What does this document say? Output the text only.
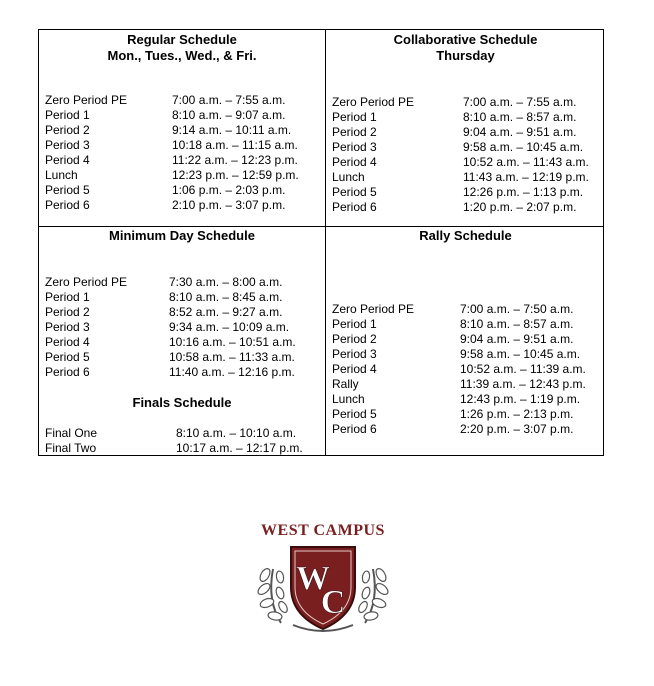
Regular Schedule
Mon., Tues., Wed., & Fri.
Zero Period PE	7:00 a.m. – 7:55 a.m.
Period 1	8:10 a.m. – 9:07 a.m.
Period 2	9:14 a.m. – 10:11 a.m.
Period 3	10:18 a.m. – 11:15 a.m.
Period 4	11:22 a.m. – 12:23 p.m.
Lunch	12:23 p.m. – 12:59 p.m.
Period 5	1:06 p.m. – 2:03 p.m.
Period 6	2:10 p.m. – 3:07 p.m.
Collaborative Schedule
Thursday
Zero Period PE	7:00 a.m. – 7:55 a.m.
Period 1	8:10 a.m. – 8:57 a.m.
Period 2	9:04 a.m. – 9:51 a.m.
Period 3	9:58 a.m. – 10:45 a.m.
Period 4	10:52 a.m. – 11:43 a.m.
Lunch	11:43 a.m. – 12:19 p.m.
Period 5	12:26 p.m. – 1:13 p.m.
Period 6	1:20 p.m. – 2:07 p.m.
Minimum Day Schedule
Zero Period PE	7:30 a.m. – 8:00 a.m.
Period 1	8:10 a.m. – 8:45 a.m.
Period 2	8:52 a.m. – 9:27 a.m.
Period 3	9:34 a.m. – 10:09 a.m.
Period 4	10:16 a.m. – 10:51 a.m.
Period 5	10:58 a.m. – 11:33 a.m.
Period 6	11:40 a.m. – 12:16 p.m.
Finals Schedule
Final One	8:10 a.m. – 10:10 a.m.
Final Two	10:17 a.m. – 12:17 p.m.
Rally Schedule
Zero Period PE	7:00 a.m. – 7:50 a.m.
Period 1	8:10 a.m. – 8:57 a.m.
Period 2	9:04 a.m. – 9:51 a.m.
Period 3	9:58 a.m. – 10:45 a.m.
Period 4	10:52 a.m. – 11:39 a.m.
Rally	11:39 a.m. – 12:43 p.m.
Lunch	12:43 p.m. – 1:19 p.m.
Period 5	1:26 p.m. – 2:13 p.m.
Period 6	2:20 p.m. – 3:07 p.m.
WEST CAMPUS
W
C
